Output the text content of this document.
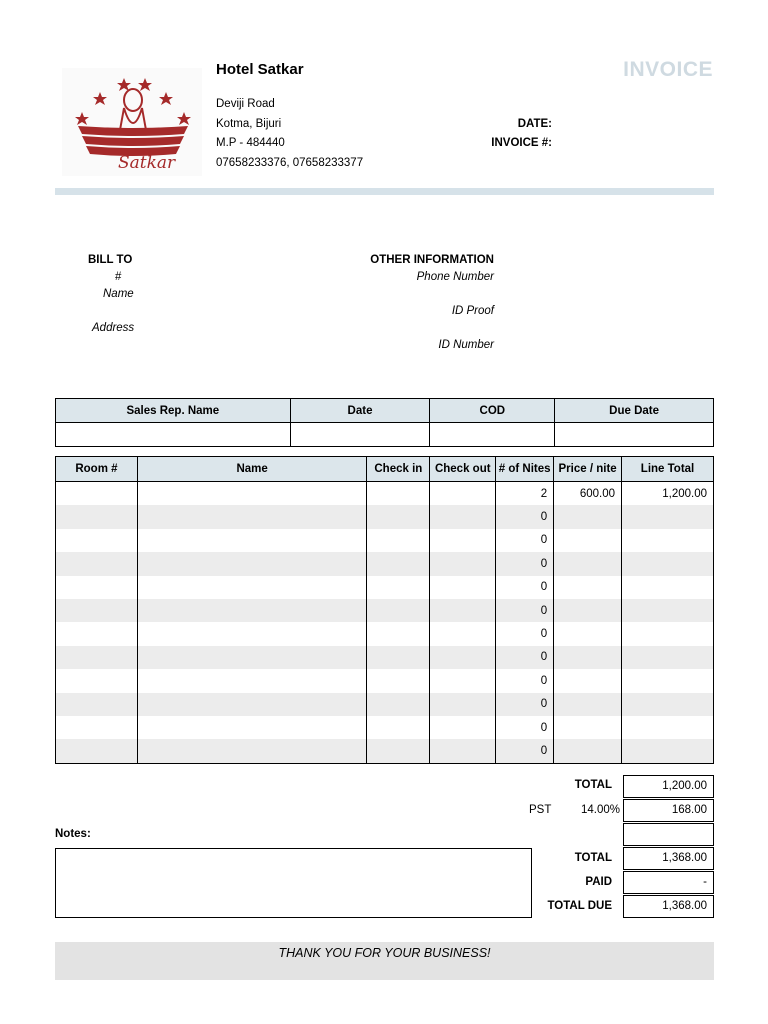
Satkar
Hotel Satkar
Deviji Road
Kotma, Bijuri
M.P - 484440
07658233376, 07658233377
INVOICE
DATE:
INVOICE #:
BILL TO
#
Name
Address
OTHER INFORMATION
Phone Number
ID Proof
ID Number
Sales Rep. Name	Date	COD	Due Date

Room #	Name	Check in	Check out	# of Nites	Price / nite	Line Total
				2	600.00	1,200.00
				0		
				0		
				0		
				0		
				0		
				0		
				0		
				0		
				0		
				0		
				0		
TOTAL	1,200.00
PST	14.00%	168.00
Notes:
TOTAL	1,368.00
PAID	-
TOTAL DUE	1,368.00
THANK YOU FOR YOUR BUSINESS!
